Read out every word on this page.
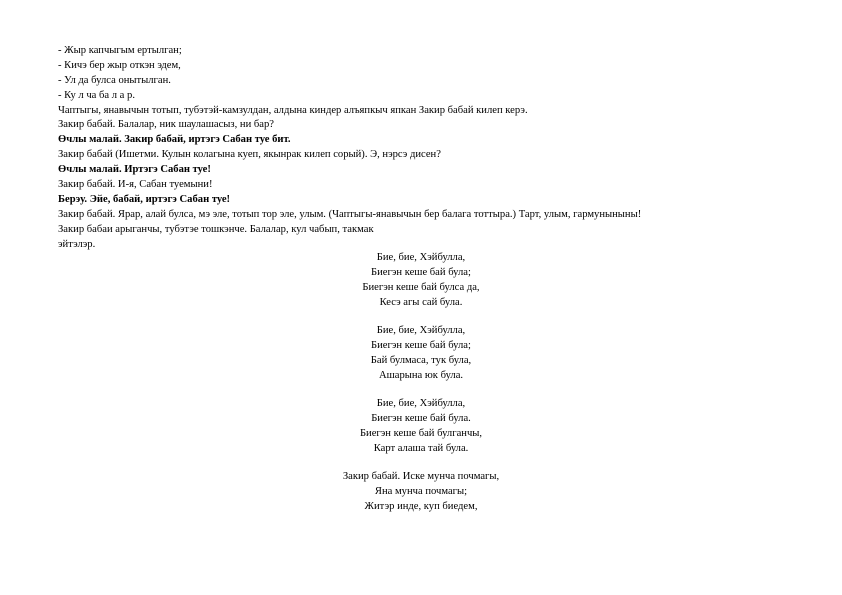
- Жыр капчыгым ертылган;
- Кичэ бер жыр откэн эдем,
- Ул да булса онытылган.
- Ку л ча ба л а р.
Чаптыгы, янавычын тотып, тубэтэй-камзулдан, алдына киндер алъяпкыч япкан Закир бабай килеп керэ.
Закир бабай. Балалар, ник шаулашасыз, ни бар?
Өчлы малай. Закир бабай, иртэгэ Сабан туе бит.
Закир бабай (Ишетми. Кулын колагына куеп, якынрак килеп сорый). Э, нэрсэ дисен?
Өчлы малай. Иртэгэ Сабан туе!
Закир бабай. И-я, Сабан туемыни!
Берэу. Эйе, бабай, иртэгэ Сабан туе!
Закир бабай. Ярар, алай булса, мэ эле, тотып тор эле, улым. (Чаптыгы-янавычын бер балага тоттыра.) Тарт, улым, гармуныныны!
Закир бабаи арыганчы, тубэтэе тошкэнче. Балалар, кул чабып, такмак
эйтэлэр.
Бие, бие, Хэйбулла,
Биегэн кеше бай була;
Биегэн кеше бай булса да,
Кесэ агы сай була.
Бие, бие, Хэйбулла,
Биегэн кеше бай була;
Бай булмаса, тук була,
Ашарына юк була.
Бие, бие, Хэйбулла,
Биегэн кеше бай була.
Биегэн кеше бай булганчы,
Карт алаша тай була.
Закир бабай. Иске мунча почмагы,
Яна мунча почмагы;
Житэр инде, куп биедем,
